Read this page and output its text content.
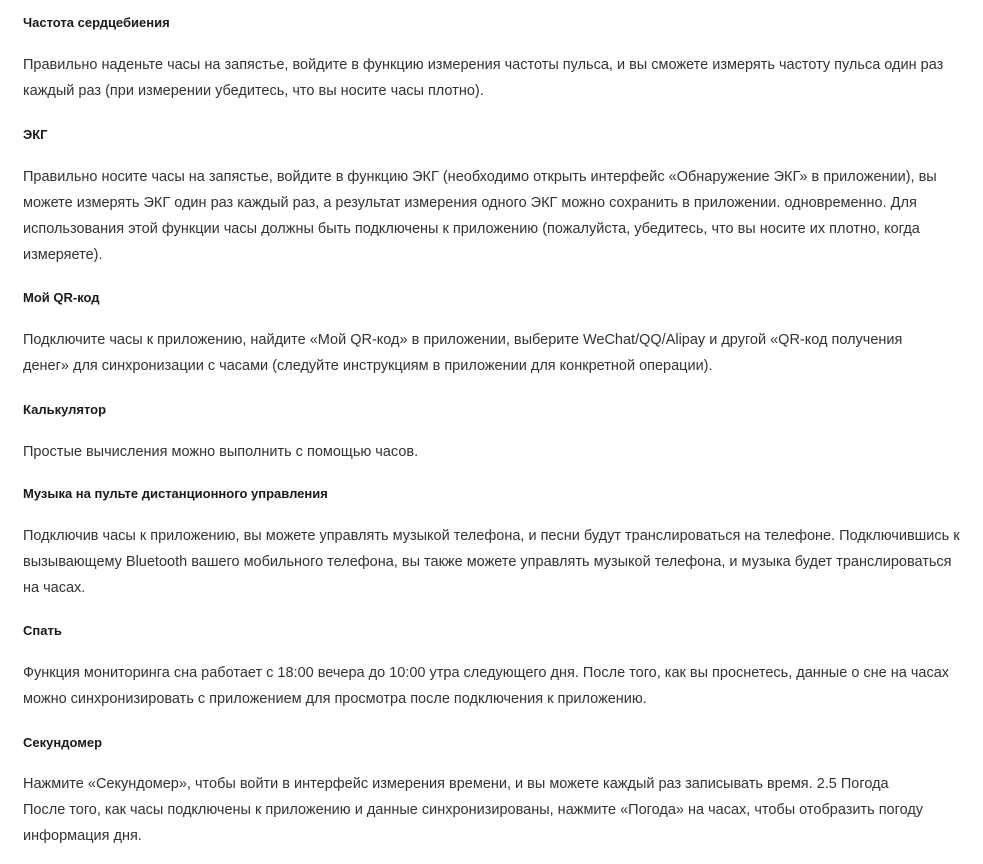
Частота сердцебиения
Правильно наденьте часы на запястье, войдите в функцию измерения частоты пульса, и вы сможете измерять частоту пульса один раз
каждый раз (при измерении убедитесь, что вы носите часы плотно).
ЭКГ
Правильно носите часы на запястье, войдите в функцию ЭКГ (необходимо открыть интерфейс «Обнаружение ЭКГ» в приложении), вы
можете измерять ЭКГ один раз каждый раз, а результат измерения одного ЭКГ можно сохранить в приложении. одновременно. Для
использования этой функции часы должны быть подключены к приложению (пожалуйста, убедитесь, что вы носите их плотно, когда
измеряете).
Мой QR-код
Подключите часы к приложению, найдите «Мой QR-код» в приложении, выберите WeChat/QQ/Alipay и другой «QR-код получения
денег» для синхронизации с часами (следуйте инструкциям в приложении для конкретной операции).
Калькулятор
Простые вычисления можно выполнить с помощью часов.
Музыка на пульте дистанционного управления
Подключив часы к приложению, вы можете управлять музыкой телефона, и песни будут транслироваться на телефоне. Подключившись к
вызывающему Bluetooth вашего мобильного телефона, вы также можете управлять музыкой телефона, и музыка будет транслироваться
на часах.
Спать
Функция мониторинга сна работает с 18:00 вечера до 10:00 утра следующего дня. После того, как вы проснетесь, данные о сне на часах
можно синхронизировать с приложением для просмотра после подключения к приложению.
Секундомер
Нажмите «Секундомер», чтобы войти в интерфейс измерения времени, и вы можете каждый раз записывать время. 2.5 Погода
После того, как часы подключены к приложению и данные синхронизированы, нажмите «Погода» на часах, чтобы отобразить погоду
информация дня.
